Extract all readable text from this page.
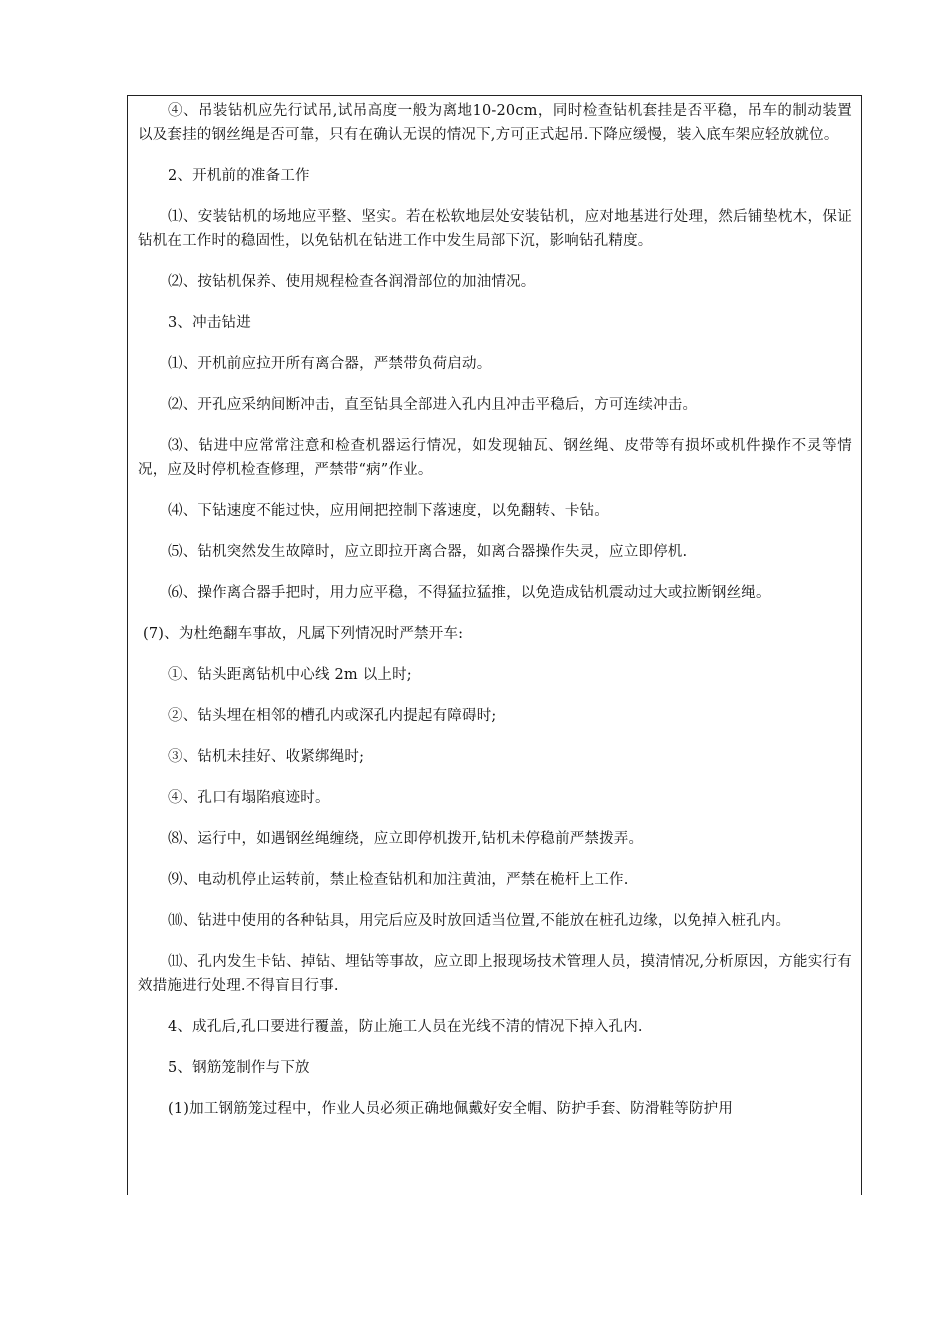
④、吊装钻机应先行试吊,试吊高度一般为离地10-20cm，同时检查钻机套挂是否平稳，吊车的制动装置以及套挂的钢丝绳是否可靠，只有在确认无误的情况下,方可正式起吊.下降应缓慢，装入底车架应轻放就位。

2、开机前的准备工作

⑴、安装钻机的场地应平整、坚实。若在松软地层处安装钻机，应对地基进行处理，然后铺垫枕木，保证钻机在工作时的稳固性，以免钻机在钻进工作中发生局部下沉，影响钻孔精度。

⑵、按钻机保养、使用规程检查各润滑部位的加油情况。

3、冲击钻进

⑴、开机前应拉开所有离合器，严禁带负荷启动。

⑵、开孔应采纳间断冲击，直至钻具全部进入孔内且冲击平稳后，方可连续冲击。

⑶、钻进中应常常注意和检查机器运行情况，如发现轴瓦、钢丝绳、皮带等有损坏或机件操作不灵等情况，应及时停机检查修理，严禁带“病”作业。

⑷、下钻速度不能过快，应用闸把控制下落速度，以免翻转、卡钻。

⑸、钻机突然发生故障时，应立即拉开离合器，如离合器操作失灵，应立即停机.

⑹、操作离合器手把时，用力应平稳，不得猛拉猛推，以免造成钻机震动过大或拉断钢丝绳。

(7)、为杜绝翻车事故，凡属下列情况时严禁开车:

①、钻头距离钻机中心线 2m 以上时;

②、钻头埋在相邻的槽孔内或深孔内提起有障碍时;

③、钻机未挂好、收紧绑绳时;

④、孔口有塌陷痕迹时。

⑻、运行中，如遇钢丝绳缠绕，应立即停机拨开,钻机未停稳前严禁拨弄。

⑼、电动机停止运转前，禁止检查钻机和加注黄油，严禁在桅杆上工作.

⑽、钻进中使用的各种钻具，用完后应及时放回适当位置,不能放在桩孔边缘，以免掉入桩孔内。

⑾、孔内发生卡钻、掉钻、埋钻等事故，应立即上报现场技术管理人员，摸清情况,分析原因，方能实行有效措施进行处理.不得盲目行事.

4、成孔后,孔口要进行覆盖，防止施工人员在光线不清的情况下掉入孔内.

5、钢筋笼制作与下放

(1)加工钢筋笼过程中，作业人员必须正确地佩戴好安全帽、防护手套、防滑鞋等防护用
